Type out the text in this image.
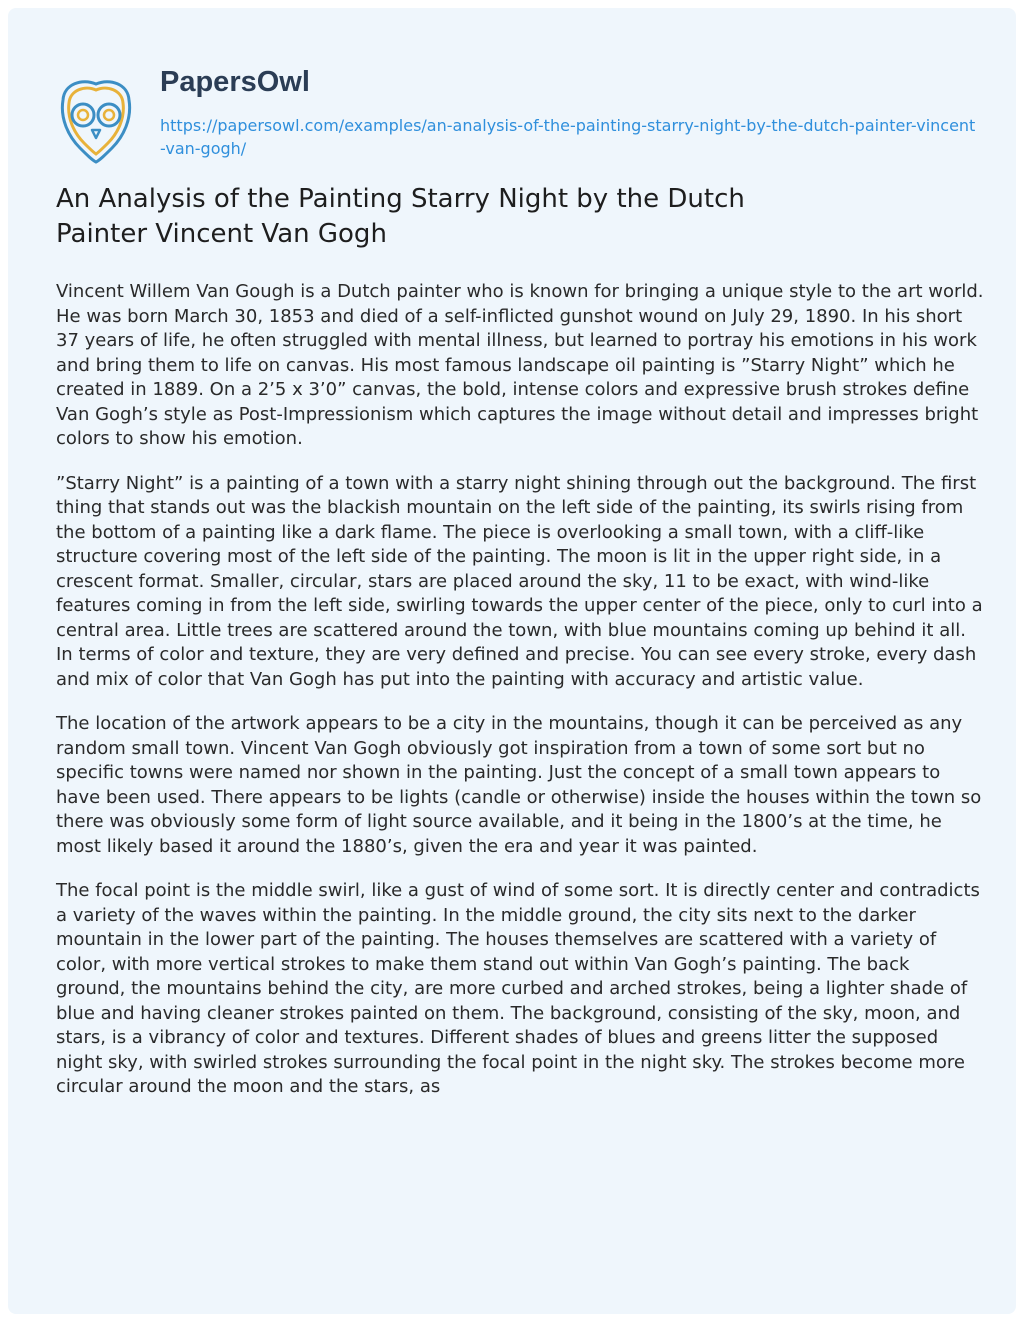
PapersOwl
https://papersowl.com/examples/an-analysis-of-the-painting-starry-night-by-the-dutch-painter-vincent-van-gogh/
An Analysis of the Painting Starry Night by the Dutch Painter Vincent Van Gogh

Vincent Willem Van Gough is a Dutch painter who is known for bringing a unique style to the art world. He was born March 30, 1853 and died of a self-inflicted gunshot wound on July 29, 1890. In his short 37 years of life, he often struggled with mental illness, but learned to portray his emotions in his work and bring them to life on canvas. His most famous landscape oil painting is ”Starry Night” which he created in 1889. On a 2’5 x 3’0” canvas, the bold, intense colors and expressive brush strokes define Van Gogh’s style as Post-Impressionism which captures the image without detail and impresses bright colors to show his emotion.

”Starry Night” is a painting of a town with a starry night shining through out the background. The first thing that stands out was the blackish mountain on the left side of the painting, its swirls rising from the bottom of a painting like a dark flame. The piece is overlooking a small town, with a cliff-like structure covering most of the left side of the painting. The moon is lit in the upper right side, in a crescent format. Smaller, circular, stars are placed around the sky, 11 to be exact, with wind-like features coming in from the left side, swirling towards the upper center of the piece, only to curl into a central area. Little trees are scattered around the town, with blue mountains coming up behind it all. In terms of color and texture, they are very defined and precise. You can see every stroke, every dash and mix of color that Van Gogh has put into the painting with accuracy and artistic value.

The location of the artwork appears to be a city in the mountains, though it can be perceived as any random small town. Vincent Van Gogh obviously got inspiration from a town of some sort but no specific towns were named nor shown in the painting. Just the concept of a small town appears to have been used. There appears to be lights (candle or otherwise) inside the houses within the town so there was obviously some form of light source available, and it being in the 1800’s at the time, he most likely based it around the 1880’s, given the era and year it was painted.

The focal point is the middle swirl, like a gust of wind of some sort. It is directly center and contradicts a variety of the waves within the painting. In the middle ground, the city sits next to the darker mountain in the lower part of the painting. The houses themselves are scattered with a variety of color, with more vertical strokes to make them stand out within Van Gogh’s painting. The back ground, the mountains behind the city, are more curbed and arched strokes, being a lighter shade of blue and having cleaner strokes painted on them. The background, consisting of the sky, moon, and stars, is a vibrancy of color and textures. Different shades of blues and greens litter the supposed night sky, with swirled strokes surrounding the focal point in the night sky. The strokes become more circular around the moon and the stars, as
